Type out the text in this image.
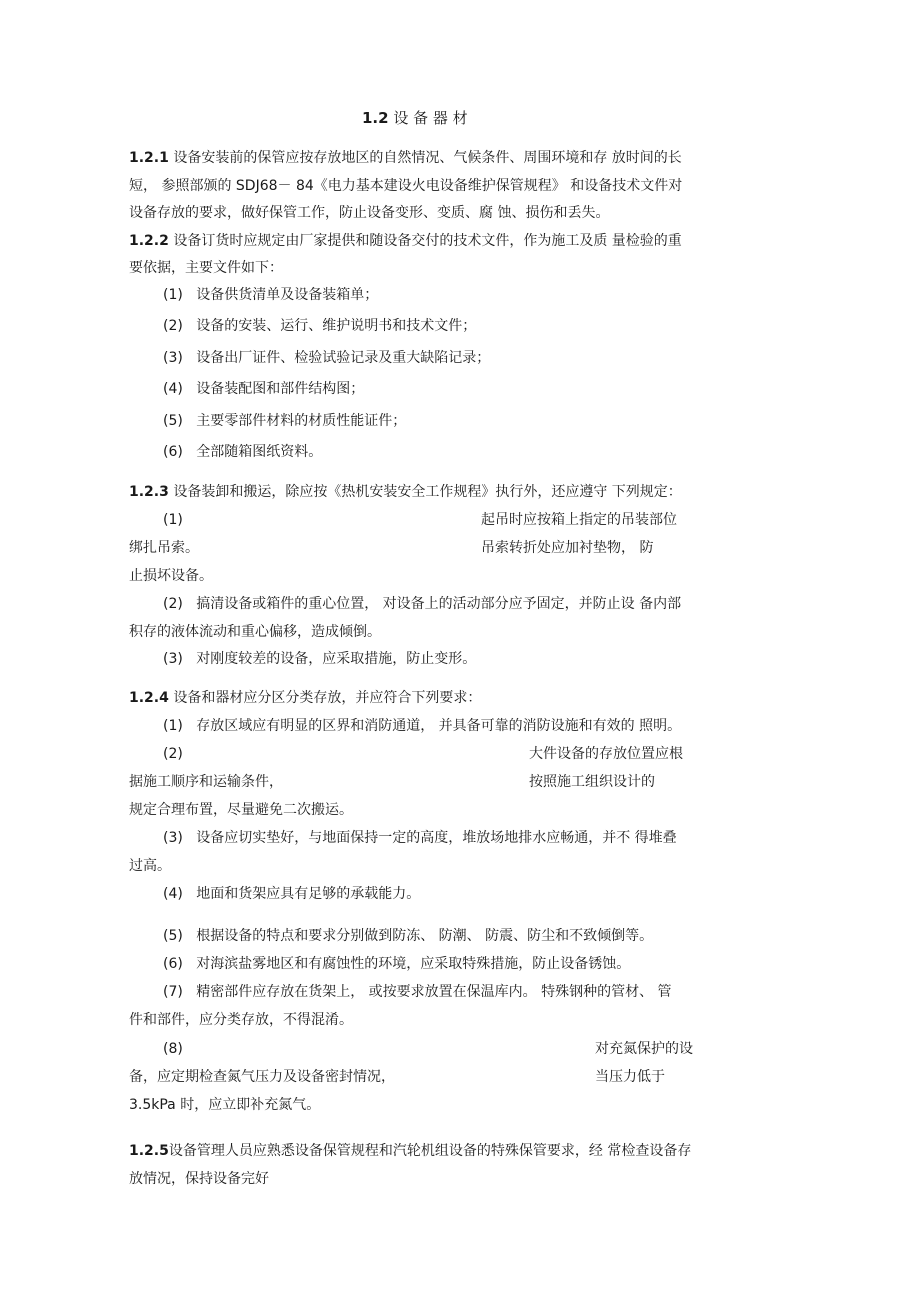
1.2 设 备 器 材
1.2.1 设备安装前的保管应按存放地区的自然情况、气候条件、周围环境和存 放时间的长
短， 参照部颁的 SDJ68－ 84《电力基本建设火电设备维护保管规程》 和设备技术文件对
设备存放的要求，做好保管工作，防止设备变形、变质、腐 蚀、损伤和丢失。
1.2.2 设备订货时应规定由厂家提供和随设备交付的技术文件，作为施工及质 量检验的重
要依据，主要文件如下：
(1) 设备供货清单及设备装箱单；
(2) 设备的安装、运行、维护说明书和技术文件；
(3) 设备出厂证件、检验试验记录及重大缺陷记录；
(4) 设备装配图和部件结构图；
(5) 主要零部件材料的材质性能证件；
(6) 全部随箱图纸资料。
1.2.3 设备装卸和搬运，除应按《热机安装安全工作规程》执行外，还应遵守 下列规定：
(1)	起吊时应按箱上指定的吊装部位
绑扎吊索。	吊索转折处应加衬垫物， 防
止损坏设备。
(2) 搞清设备或箱件的重心位置， 对设备上的活动部分应予固定，并防止设 备内部
积存的液体流动和重心偏移，造成倾倒。
(3) 对刚度较差的设备，应采取措施，防止变形。
1.2.4 设备和器材应分区分类存放，并应符合下列要求：
(1) 存放区域应有明显的区界和消防通道， 并具备可靠的消防设施和有效的 照明。
(2)	大件设备的存放位置应根
据施工顺序和运输条件，	按照施工组织设计的
规定合理布置，尽量避免二次搬运。
(3) 设备应切实垫好，与地面保持一定的高度，堆放场地排水应畅通，并不 得堆叠
过高。
(4) 地面和货架应具有足够的承载能力。
(5) 根据设备的特点和要求分别做到防冻、 防潮、 防震、防尘和不致倾倒等。
(6) 对海滨盐雾地区和有腐蚀性的环境，应采取特殊措施，防止设备锈蚀。
(7) 精密部件应存放在货架上， 或按要求放置在保温库内。 特殊钢种的管材、 管
件和部件，应分类存放，不得混淆。
(8)	对充氮保护的设
备，应定期检查氮气压力及设备密封情况，	当压力低于
3.5kPa 时，应立即补充氮气。
1.2.5设备管理人员应熟悉设备保管规程和汽轮机组设备的特殊保管要求，经 常检查设备存
放情况，保持设备完好
